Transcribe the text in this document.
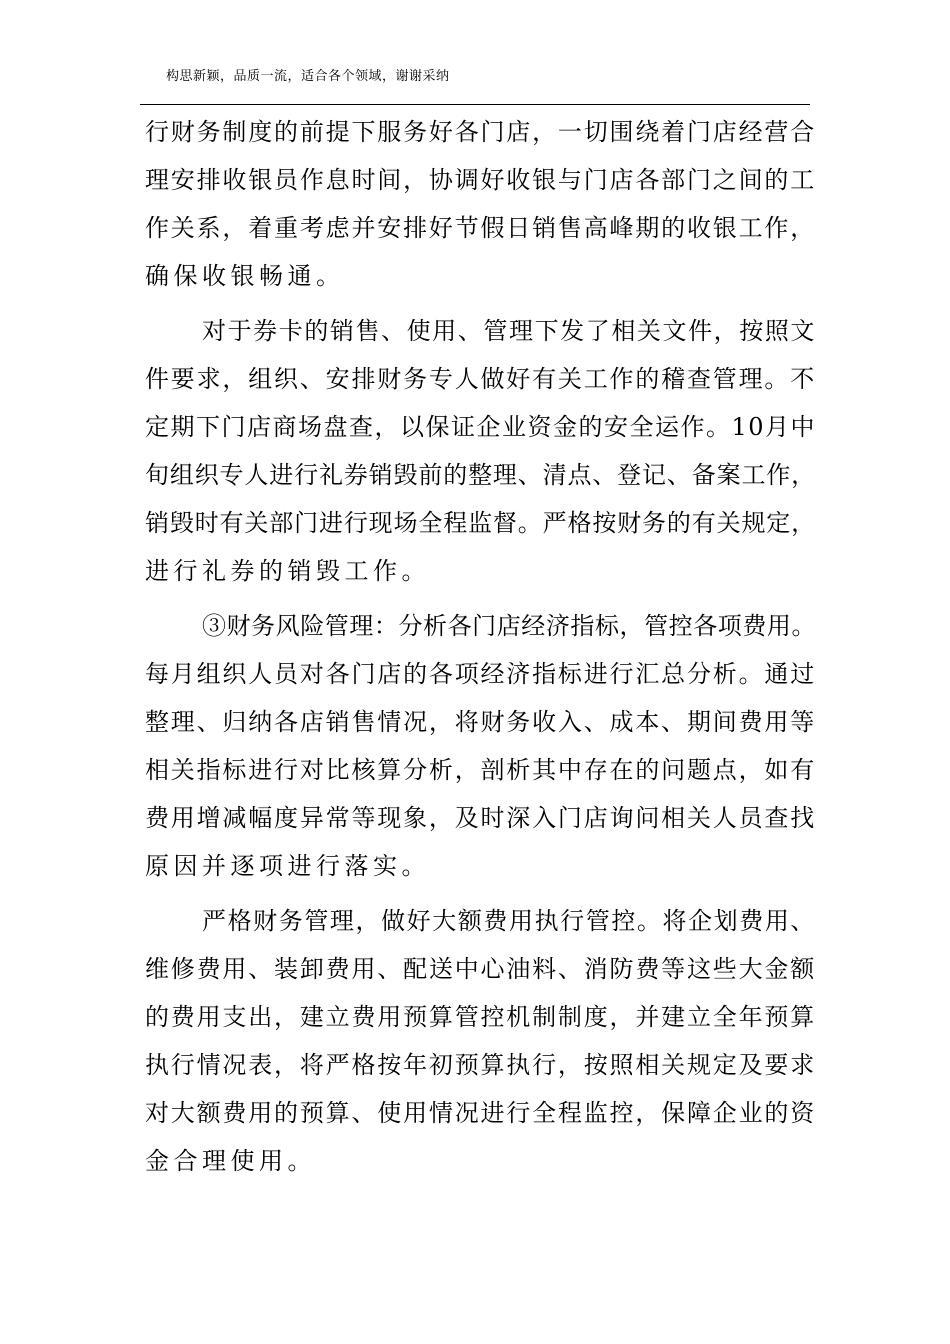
构思新颖，品质一流，适合各个领域，谢谢采纳
行财务制度的前提下服务好各门店，一切围绕着门店经营合
理安排收银员作息时间，协调好收银与门店各部门之间的工
作关系，着重考虑并安排好节假日销售高峰期的收银工作，
确保收银畅通。
对于券卡的销售、使用、管理下发了相关文件，按照文
件要求，组织、安排财务专人做好有关工作的稽查管理。不
定期下门店商场盘查，以保证企业资金的安全运作。10月中
旬组织专人进行礼券销毁前的整理、清点、登记、备案工作，
销毁时有关部门进行现场全程监督。严格按财务的有关规定，
进行礼券的销毁工作。
③财务风险管理：分析各门店经济指标，管控各项费用。
每月组织人员对各门店的各项经济指标进行汇总分析。通过
整理、归纳各店销售情况，将财务收入、成本、期间费用等
相关指标进行对比核算分析，剖析其中存在的问题点，如有
费用增减幅度异常等现象，及时深入门店询问相关人员查找
原因并逐项进行落实。
严格财务管理，做好大额费用执行管控。将企划费用、
维修费用、装卸费用、配送中心油料、消防费等这些大金额
的费用支出，建立费用预算管控机制制度，并建立全年预算
执行情况表，将严格按年初预算执行，按照相关规定及要求
对大额费用的预算、使用情况进行全程监控，保障企业的资
金合理使用。
